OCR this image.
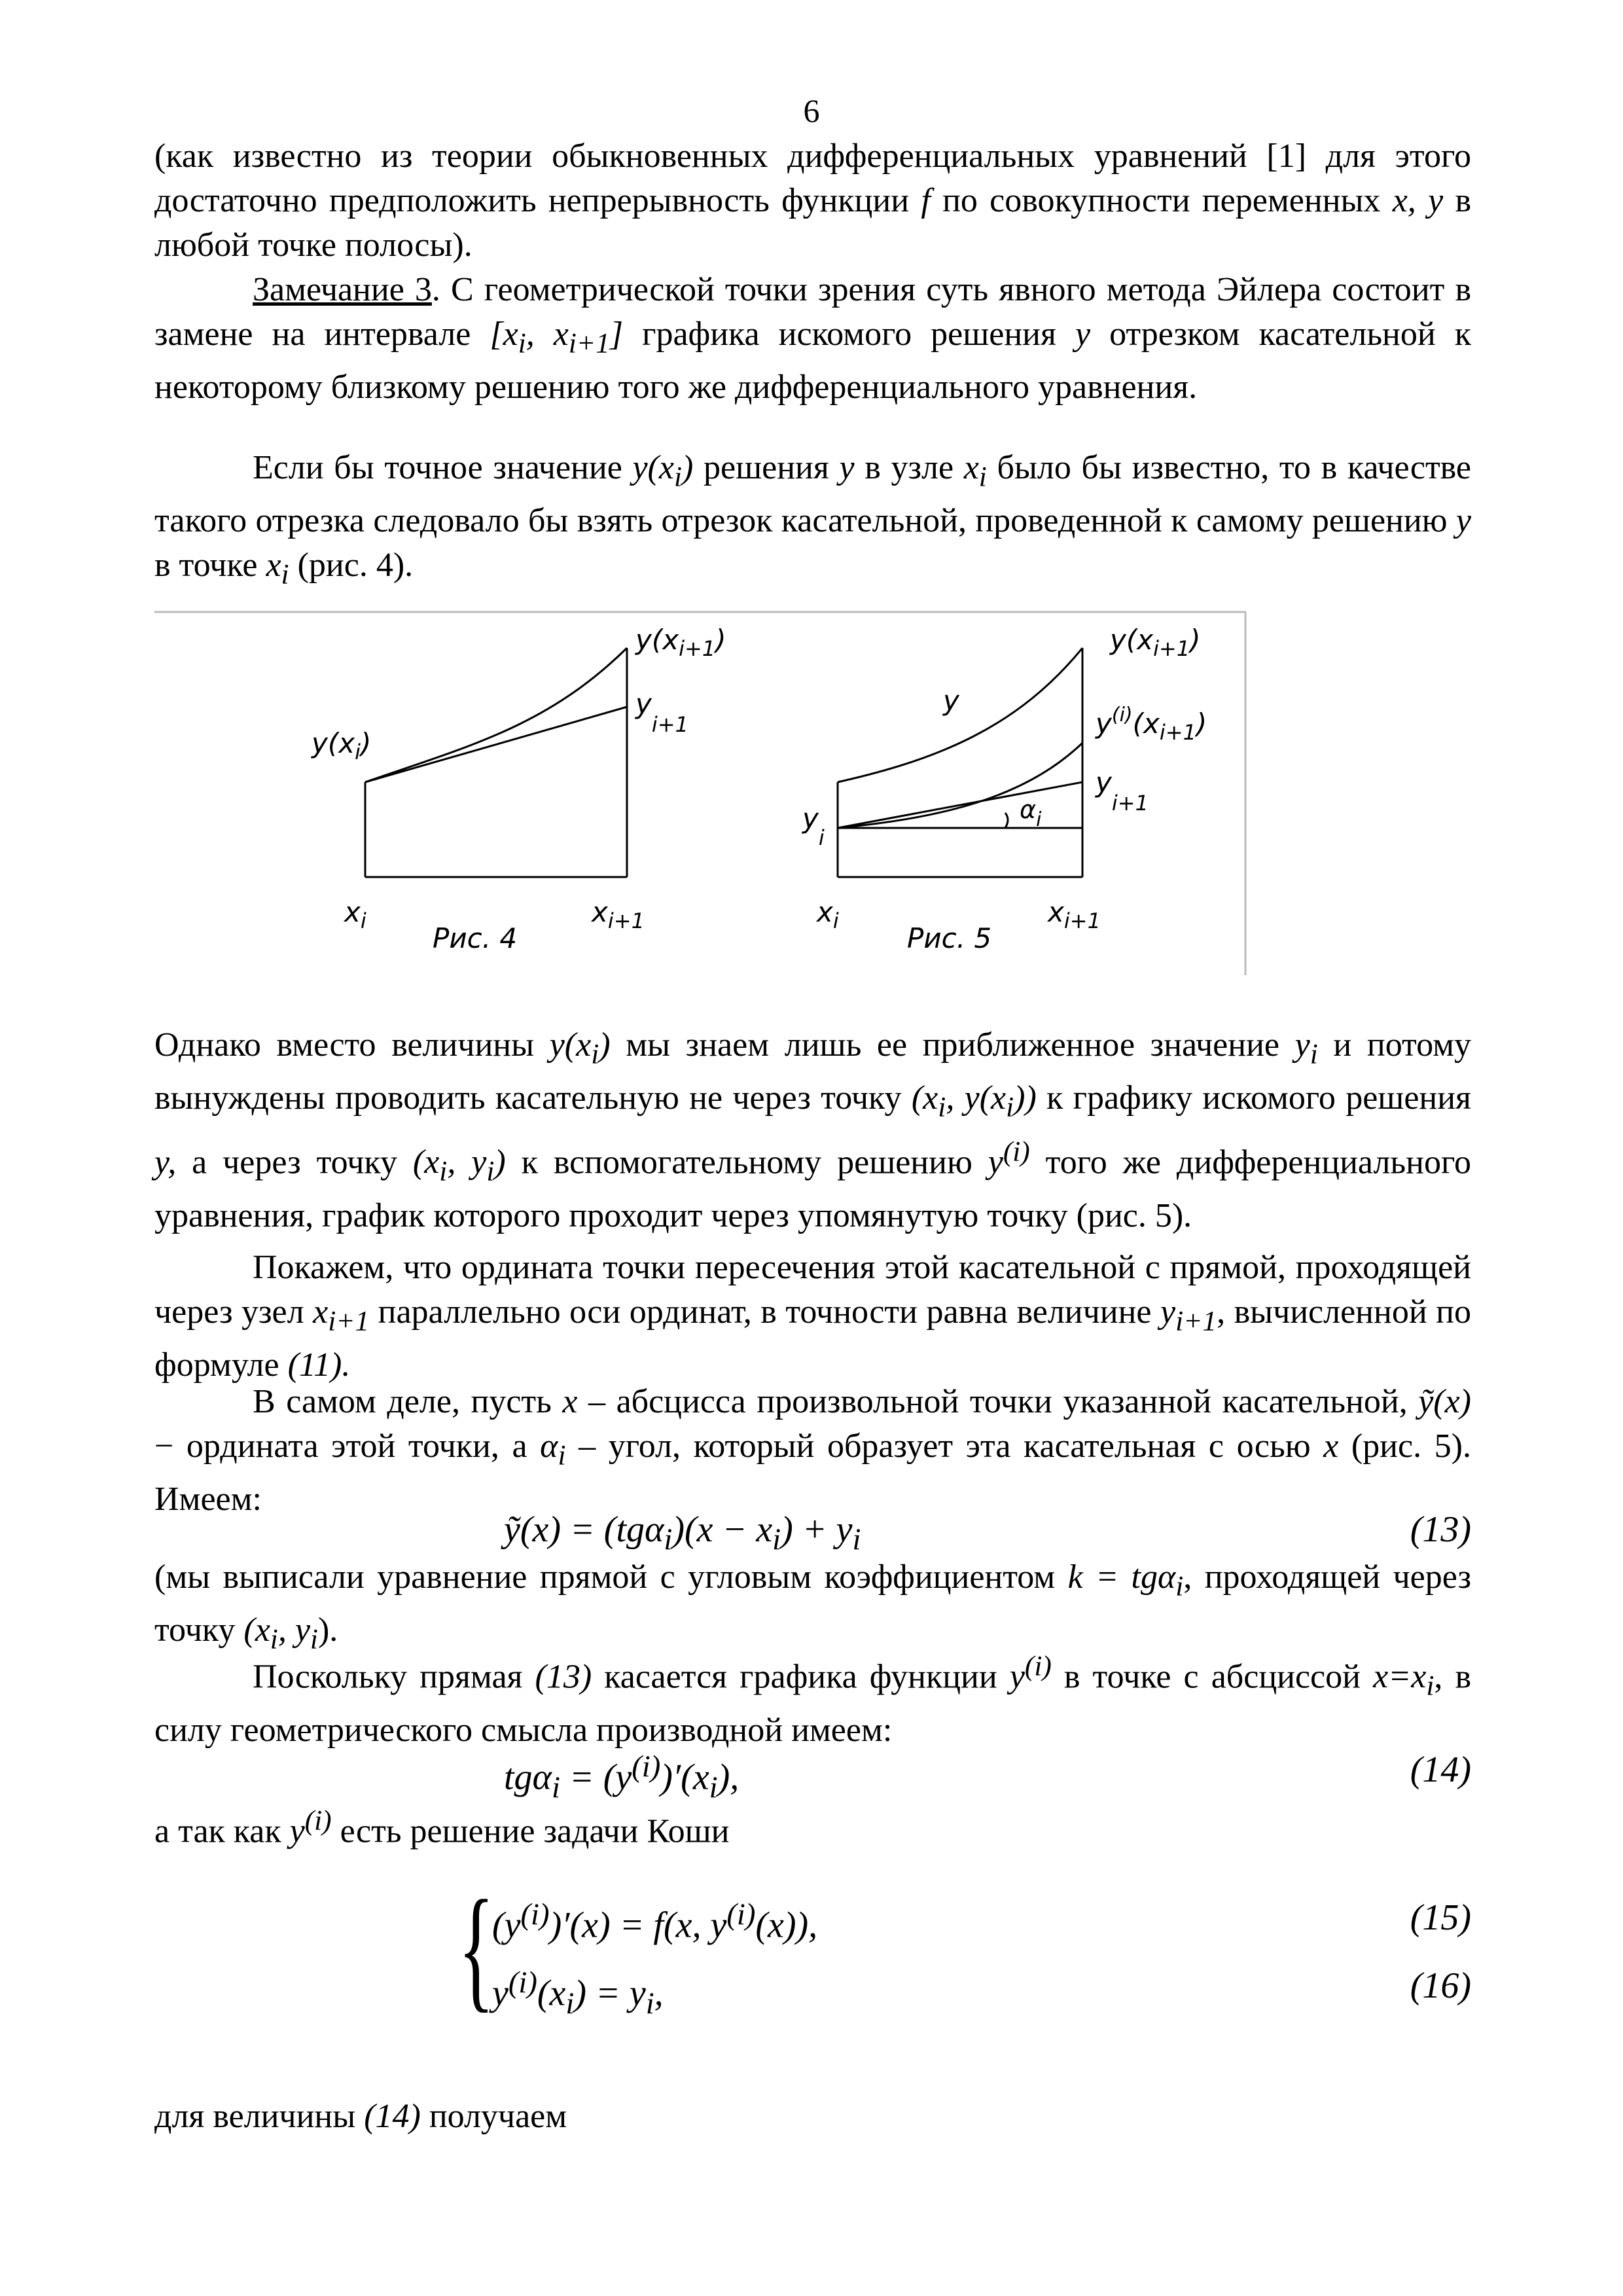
6

(как известно из теории обыкновенных дифференциальных уравнений [1] для этого достаточно предположить непрерывность функции f по совокупности переменных x, y в любой точке полосы).

Замечание 3. С геометрической точки зрения суть явного метода Эйлера состоит в замене на интервале [$x_i$, $x_{i+1}$] графика искомого решения y отрезком касательной к некоторому близкому решению того же дифференциального уравнения.

Если бы точное значение $y(x_i)$ решения y в узле $x_i$ было бы известно, то в качестве такого отрезка следовало бы взять отрезок касательной, проведенной к самому решению y в точке $x_i$ (рис. 4).

$y(x_{i+1})$
$y_{i+1}$
$y(x_i)$
$x_i$	$x_{i+1}$
Рис. 4
$y(x_{i+1})$
y
$y^{(i)}(x_{i+1})$
$y_{i+1}$
$\alpha_i$
$y_i$
$x_i$	$x_{i+1}$
Рис. 5

Однако вместо величины $y(x_i)$ мы знаем лишь ее приближенное значение $y_i$ и потому вынуждены проводить касательную не через точку ($x_i$, $y(x_i)$) к графику искомого решения y, а через точку ($x_i$, $y_i$) к вспомогательному решению $y^{(i)}$ того же дифференциального уравнения, график которого проходит через упомянутую точку (рис. 5).

Покажем, что ордината точки пересечения этой касательной с прямой, проходящей через узел $x_{i+1}$ параллельно оси ординат, в точности равна величине $y_{i+1}$, вычисленной по формуле (11).

В самом деле, пусть x – абсцисса произвольной точки указанной касательной, ỹ(x) − ордината этой точки, а $\alpha_i$ – угол, который образует эта касательная с осью x (рис. 5). Имеем:

ỹ(x) = $(tg\alpha_i)(x - x_i) + y_i$	(13)

(мы выписали уравнение прямой с угловым коэффициентом k = tgα$_i$, проходящей через точку ($x_i$, $y_i$).

Поскольку прямая (13) касается графика функции $y^{(i)}$ в точке с абсциссой $x=x_i$, в силу геометрического смысла производной имеем:

$tg\alpha_i = (y^{(i)})'(x_i)$,	(14)

а так как $y^{(i)}$ есть решение задачи Коши

{
$(y^{(i)})'(x) = f(x$, $y^{(i)}(x)$),	(15)
$y^{(i)}(x_i) = y_i$,	(16)

для величины (14) получаем
